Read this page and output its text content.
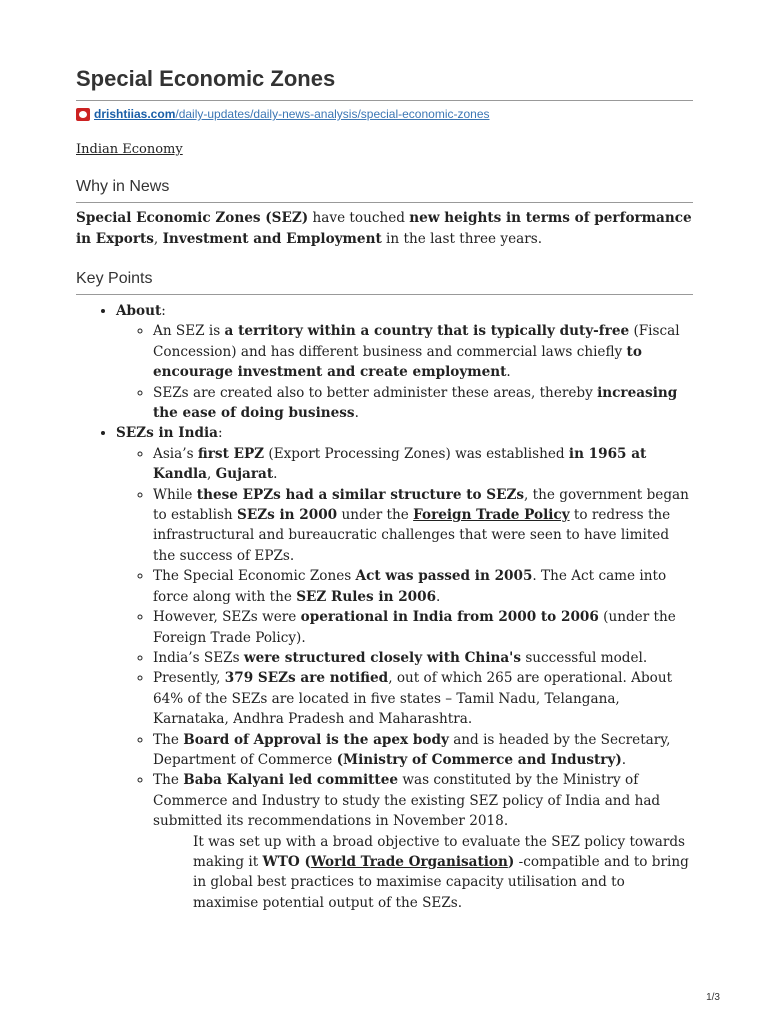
Special Economic Zones
drishtiias.com /daily-updates/daily-news-analysis/special-economic-zones
Indian Economy
Why in News

Special Economic Zones (SEZ) have touched new heights in terms of performance in Exports, Investment and Employment in the last three years.

Key Points
• About:
◦ An SEZ is a territory within a country that is typically duty-free (Fiscal Concession) and has different business and commercial laws chiefly to encourage investment and create employment.
◦ SEZs are created also to better administer these areas, thereby increasing the ease of doing business.
• SEZs in India:
◦ Asia’s first EPZ (Export Processing Zones) was established in 1965 at Kandla, Gujarat.
◦ While these EPZs had a similar structure to SEZs, the government began to establish SEZs in 2000 under the Foreign Trade Policy to redress the infrastructural and bureaucratic challenges that were seen to have limited the success of EPZs.
◦ The Special Economic Zones Act was passed in 2005. The Act came into force along with the SEZ Rules in 2006.
◦ However, SEZs were operational in India from 2000 to 2006 (under the Foreign Trade Policy).
◦ India’s SEZs were structured closely with China's successful model.
◦ Presently, 379 SEZs are notified, out of which 265 are operational. About 64% of the SEZs are located in five states – Tamil Nadu, Telangana, Karnataka, Andhra Pradesh and Maharashtra.
◦ The Board of Approval is the apex body and is headed by the Secretary, Department of Commerce (Ministry of Commerce and Industry).
◦ The Baba Kalyani led committee was constituted by the Ministry of Commerce and Industry to study the existing SEZ policy of India and had submitted its recommendations in November 2018.

It was set up with a broad objective to evaluate the SEZ policy towards making it WTO (World Trade Organisation) -compatible and to bring in global best practices to maximise capacity utilisation and to maximise potential output of the SEZs.

1/3
